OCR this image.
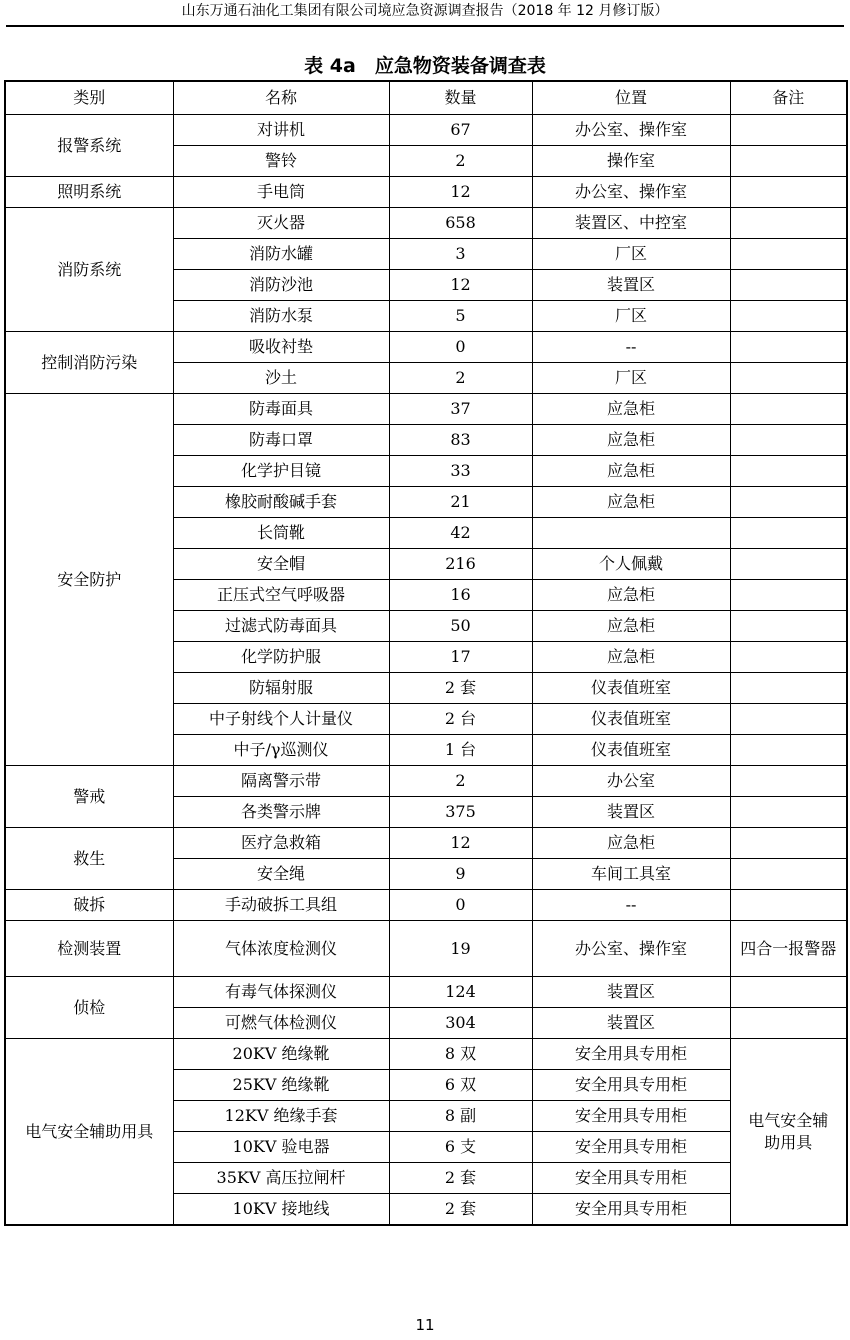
山东万通石油化工集团有限公司境应急资源调查报告（2018 年 12 月修订版）
表 4a　应急物资装备调查表
类别	名称	数量	位置	备注
报警系统	对讲机	67	办公室、操作室	
	警铃	2	操作室	
照明系统	手电筒	12	办公室、操作室	
消防系统	灭火器	658	装置区、中控室	
	消防水罐	3	厂区	
	消防沙池	12	装置区	
	消防水泵	5	厂区	
控制消防污染	吸收衬垫	0	--	
	沙土	2	厂区	
安全防护	防毒面具	37	应急柜	
	防毒口罩	83	应急柜	
	化学护目镜	33	应急柜	
	橡胶耐酸碱手套	21	应急柜	
	长筒靴	42		
	安全帽	216	个人佩戴	
	正压式空气呼吸器	16	应急柜	
	过滤式防毒面具	50	应急柜	
	化学防护服	17	应急柜	
	防辐射服	2 套	仪表值班室	
	中子射线个人计量仪	2 台	仪表值班室	
	中子/γ巡测仪	1 台	仪表值班室	
警戒	隔离警示带	2	办公室	
	各类警示牌	375	装置区	
救生	医疗急救箱	12	应急柜	
	安全绳	9	车间工具室	
破拆	手动破拆工具组	0	--	
检测装置	气体浓度检测仪	19	办公室、操作室	四合一报警器
侦检	有毒气体探测仪	124	装置区	
	可燃气体检测仪	304	装置区	
电气安全辅助用具	20KV 绝缘靴	8 双	安全用具专用柜	电气安全辅助用具
	25KV 绝缘靴	6 双	安全用具专用柜	
	12KV 绝缘手套	8 副	安全用具专用柜	
	10KV 验电器	6 支	安全用具专用柜	
	35KV 高压拉闸杆	2 套	安全用具专用柜	
	10KV 接地线	2 套	安全用具专用柜	
11
